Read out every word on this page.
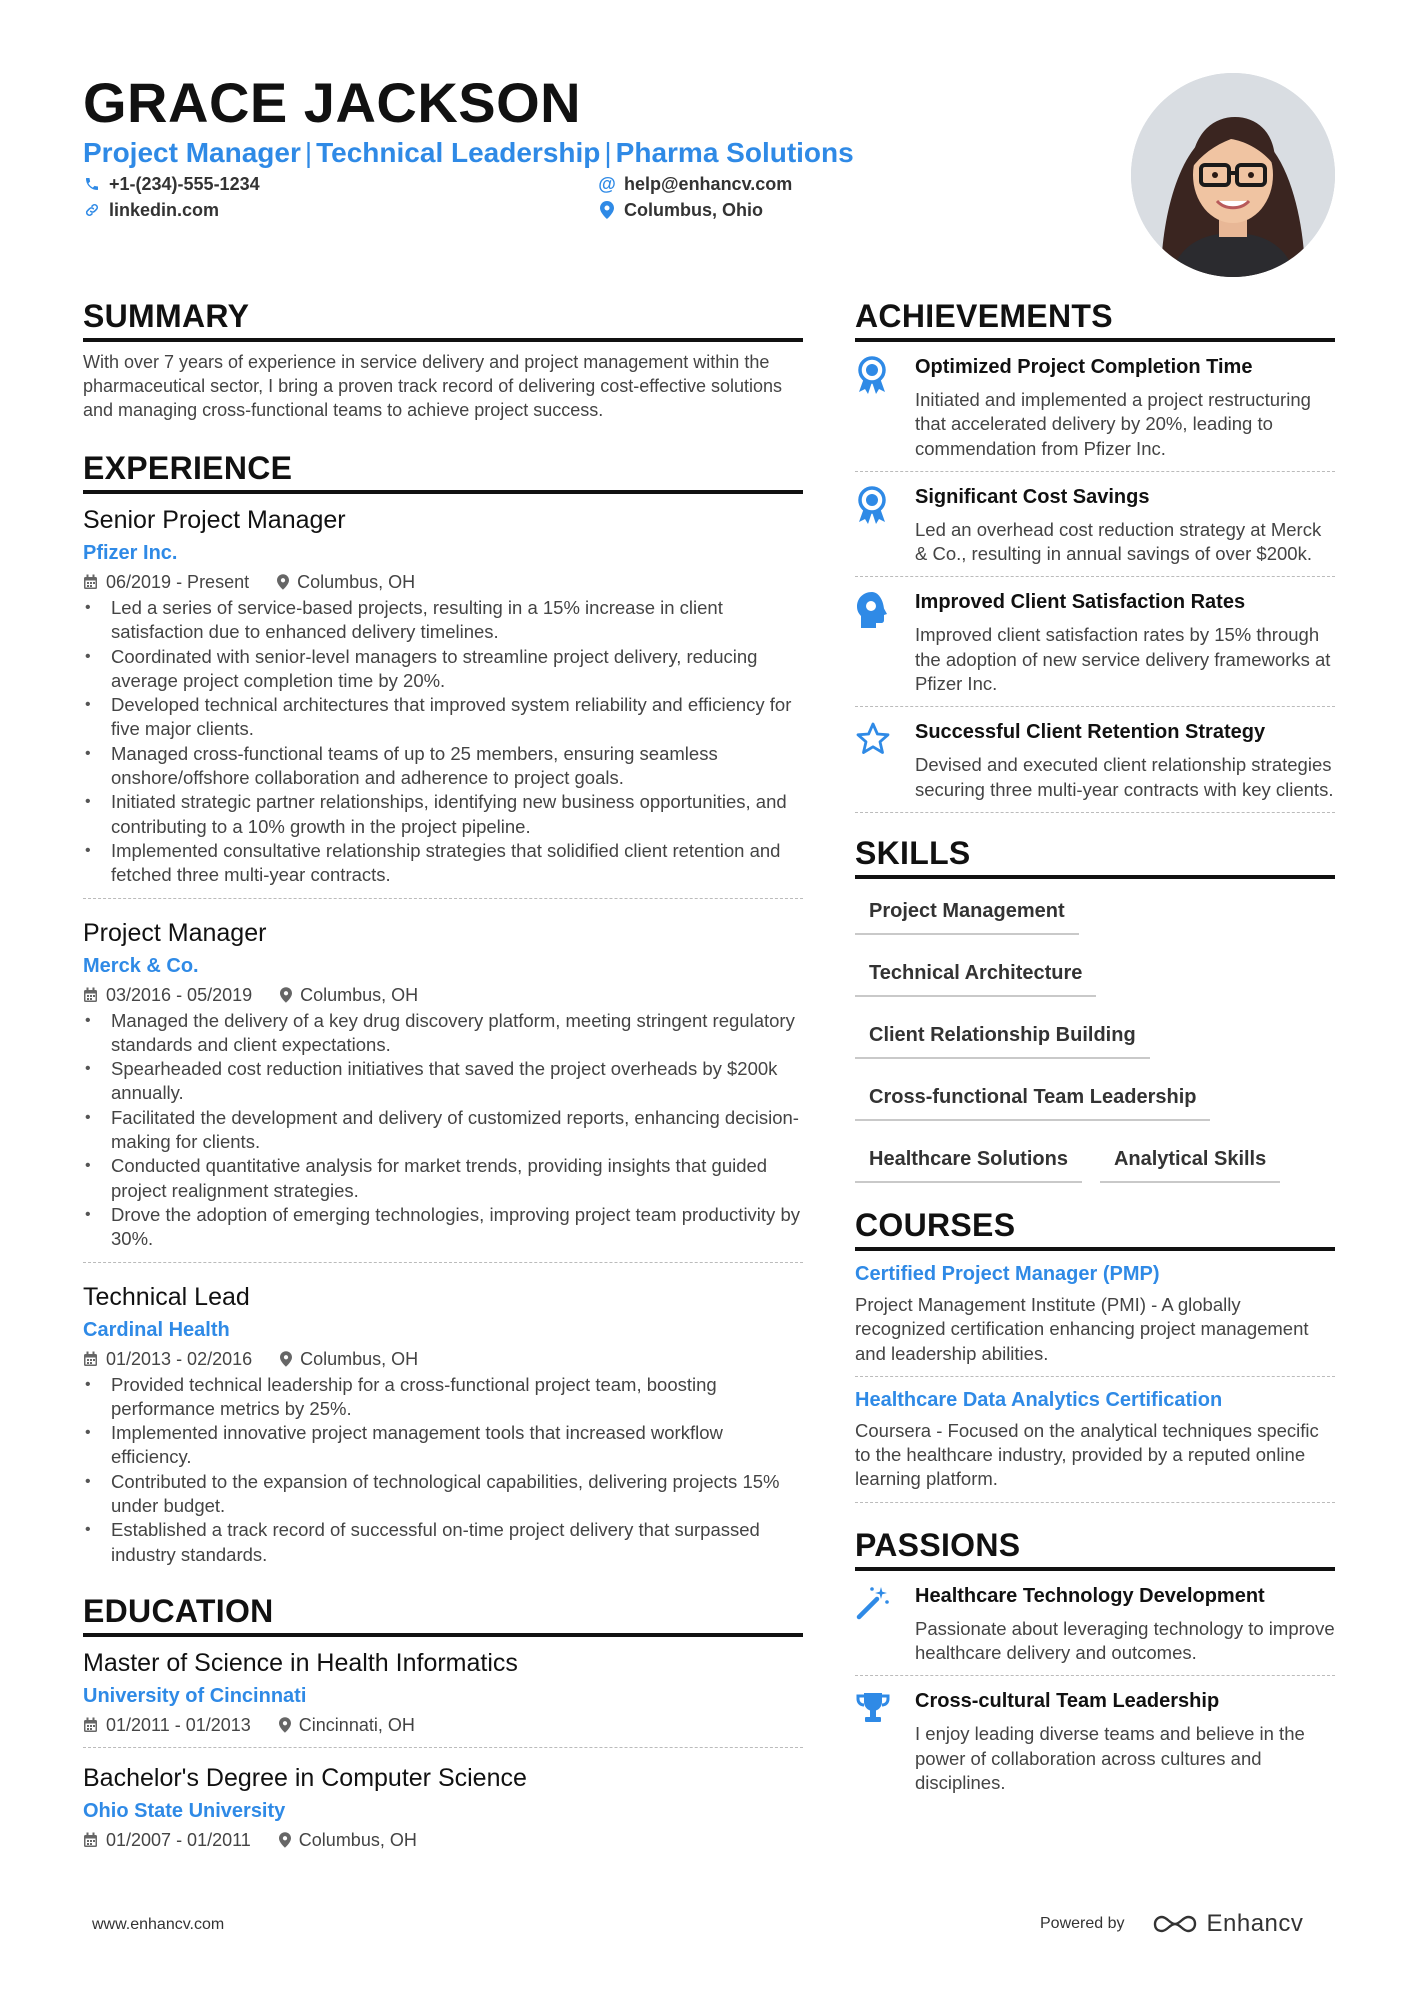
GRACE JACKSON
Project Manager | Technical Leadership | Pharma Solutions
+1-(234)-555-1234	@ help@enhancv.com
linkedin.com	Columbus, Ohio
SUMMARY

With over 7 years of experience in service delivery and project management within the pharmaceutical sector, I bring a proven track record of delivering cost-effective solutions and managing cross-functional teams to achieve project success.

EXPERIENCE
Senior Project Manager
Pfizer Inc.
06/2019 - Present	Columbus, OH
• Led a series of service-based projects, resulting in a 15% increase in client satisfaction due to enhanced delivery timelines.
• Coordinated with senior-level managers to streamline project delivery, reducing average project completion time by 20%.
• Developed technical architectures that improved system reliability and efficiency for five major clients.
• Managed cross-functional teams of up to 25 members, ensuring seamless onshore/offshore collaboration and adherence to project goals.
• Initiated strategic partner relationships, identifying new business opportunities, and contributing to a 10% growth in the project pipeline.
• Implemented consultative relationship strategies that solidified client retention and fetched three multi-year contracts.
Project Manager
Merck & Co.
03/2016 - 05/2019	Columbus, OH
• Managed the delivery of a key drug discovery platform, meeting stringent regulatory standards and client expectations.
• Spearheaded cost reduction initiatives that saved the project overheads by $200k annually.
• Facilitated the development and delivery of customized reports, enhancing decision-making for clients.
• Conducted quantitative analysis for market trends, providing insights that guided project realignment strategies.
• Drove the adoption of emerging technologies, improving project team productivity by 30%.
Technical Lead
Cardinal Health
01/2013 - 02/2016	Columbus, OH
• Provided technical leadership for a cross-functional project team, boosting performance metrics by 25%.
• Implemented innovative project management tools that increased workflow efficiency.
• Contributed to the expansion of technological capabilities, delivering projects 15% under budget.
• Established a track record of successful on-time project delivery that surpassed industry standards.
EDUCATION
Master of Science in Health Informatics
University of Cincinnati
01/2011 - 01/2013	Cincinnati, OH
Bachelor's Degree in Computer Science
Ohio State University
01/2007 - 01/2011	Columbus, OH
ACHIEVEMENTS
Optimized Project Completion Time
Initiated and implemented a project restructuring that accelerated delivery by 20%, leading to commendation from Pfizer Inc.
Significant Cost Savings
Led an overhead cost reduction strategy at Merck & Co., resulting in annual savings of over $200k.
Improved Client Satisfaction Rates
Improved client satisfaction rates by 15% through the adoption of new service delivery frameworks at Pfizer Inc.
Successful Client Retention Strategy
Devised and executed client relationship strategies securing three multi-year contracts with key clients.
SKILLS
Project Management
Technical Architecture
Client Relationship Building
Cross-functional Team Leadership
Healthcare Solutions	Analytical Skills
COURSES
Certified Project Manager (PMP)
Project Management Institute (PMI) - A globally recognized certification enhancing project management and leadership abilities.
Healthcare Data Analytics Certification
Coursera - Focused on the analytical techniques specific to the healthcare industry, provided by a reputed online learning platform.
PASSIONS
Healthcare Technology Development
Passionate about leveraging technology to improve healthcare delivery and outcomes.
Cross-cultural Team Leadership
I enjoy leading diverse teams and believe in the power of collaboration across cultures and disciplines.
www.enhancv.com	Powered by	Enhancv
